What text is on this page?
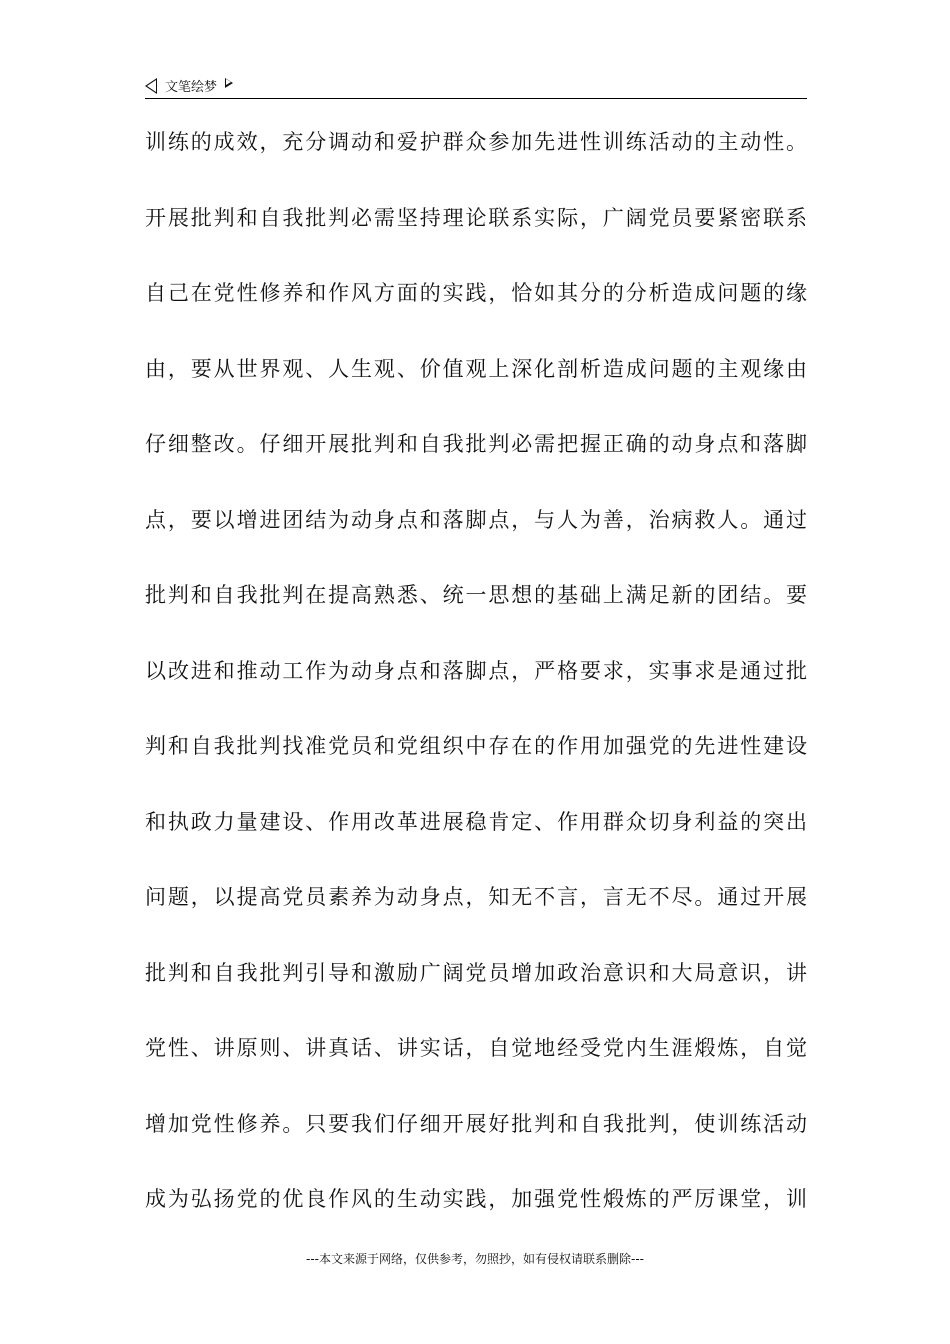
文笔绘梦
训练的成效，充分调动和爱护群众参加先进性训练活动的主动性。
开展批判和自我批判必需坚持理论联系实际，广阔党员要紧密联系
自己在党性修养和作风方面的实践，恰如其分的分析造成问题的缘
由，要从世界观、人生观、价值观上深化剖析造成问题的主观缘由
仔细整改。仔细开展批判和自我批判必需把握正确的动身点和落脚
点，要以增进团结为动身点和落脚点，与人为善，治病救人。通过
批判和自我批判在提高熟悉、统一思想的基础上满足新的团结。要
以改进和推动工作为动身点和落脚点，严格要求，实事求是通过批
判和自我批判找准党员和党组织中存在的作用加强党的先进性建设
和执政力量建设、作用改革进展稳肯定、作用群众切身利益的突出
问题，以提高党员素养为动身点，知无不言，言无不尽。通过开展
批判和自我批判引导和激励广阔党员增加政治意识和大局意识，讲
党性、讲原则、讲真话、讲实话，自觉地经受党内生涯煅炼，自觉
增加党性修养。只要我们仔细开展好批判和自我批判，使训练活动
成为弘扬党的优良作风的生动实践，加强党性煅炼的严厉课堂，训
---本文来源于网络，仅供参考，勿照抄，如有侵权请联系删除---
